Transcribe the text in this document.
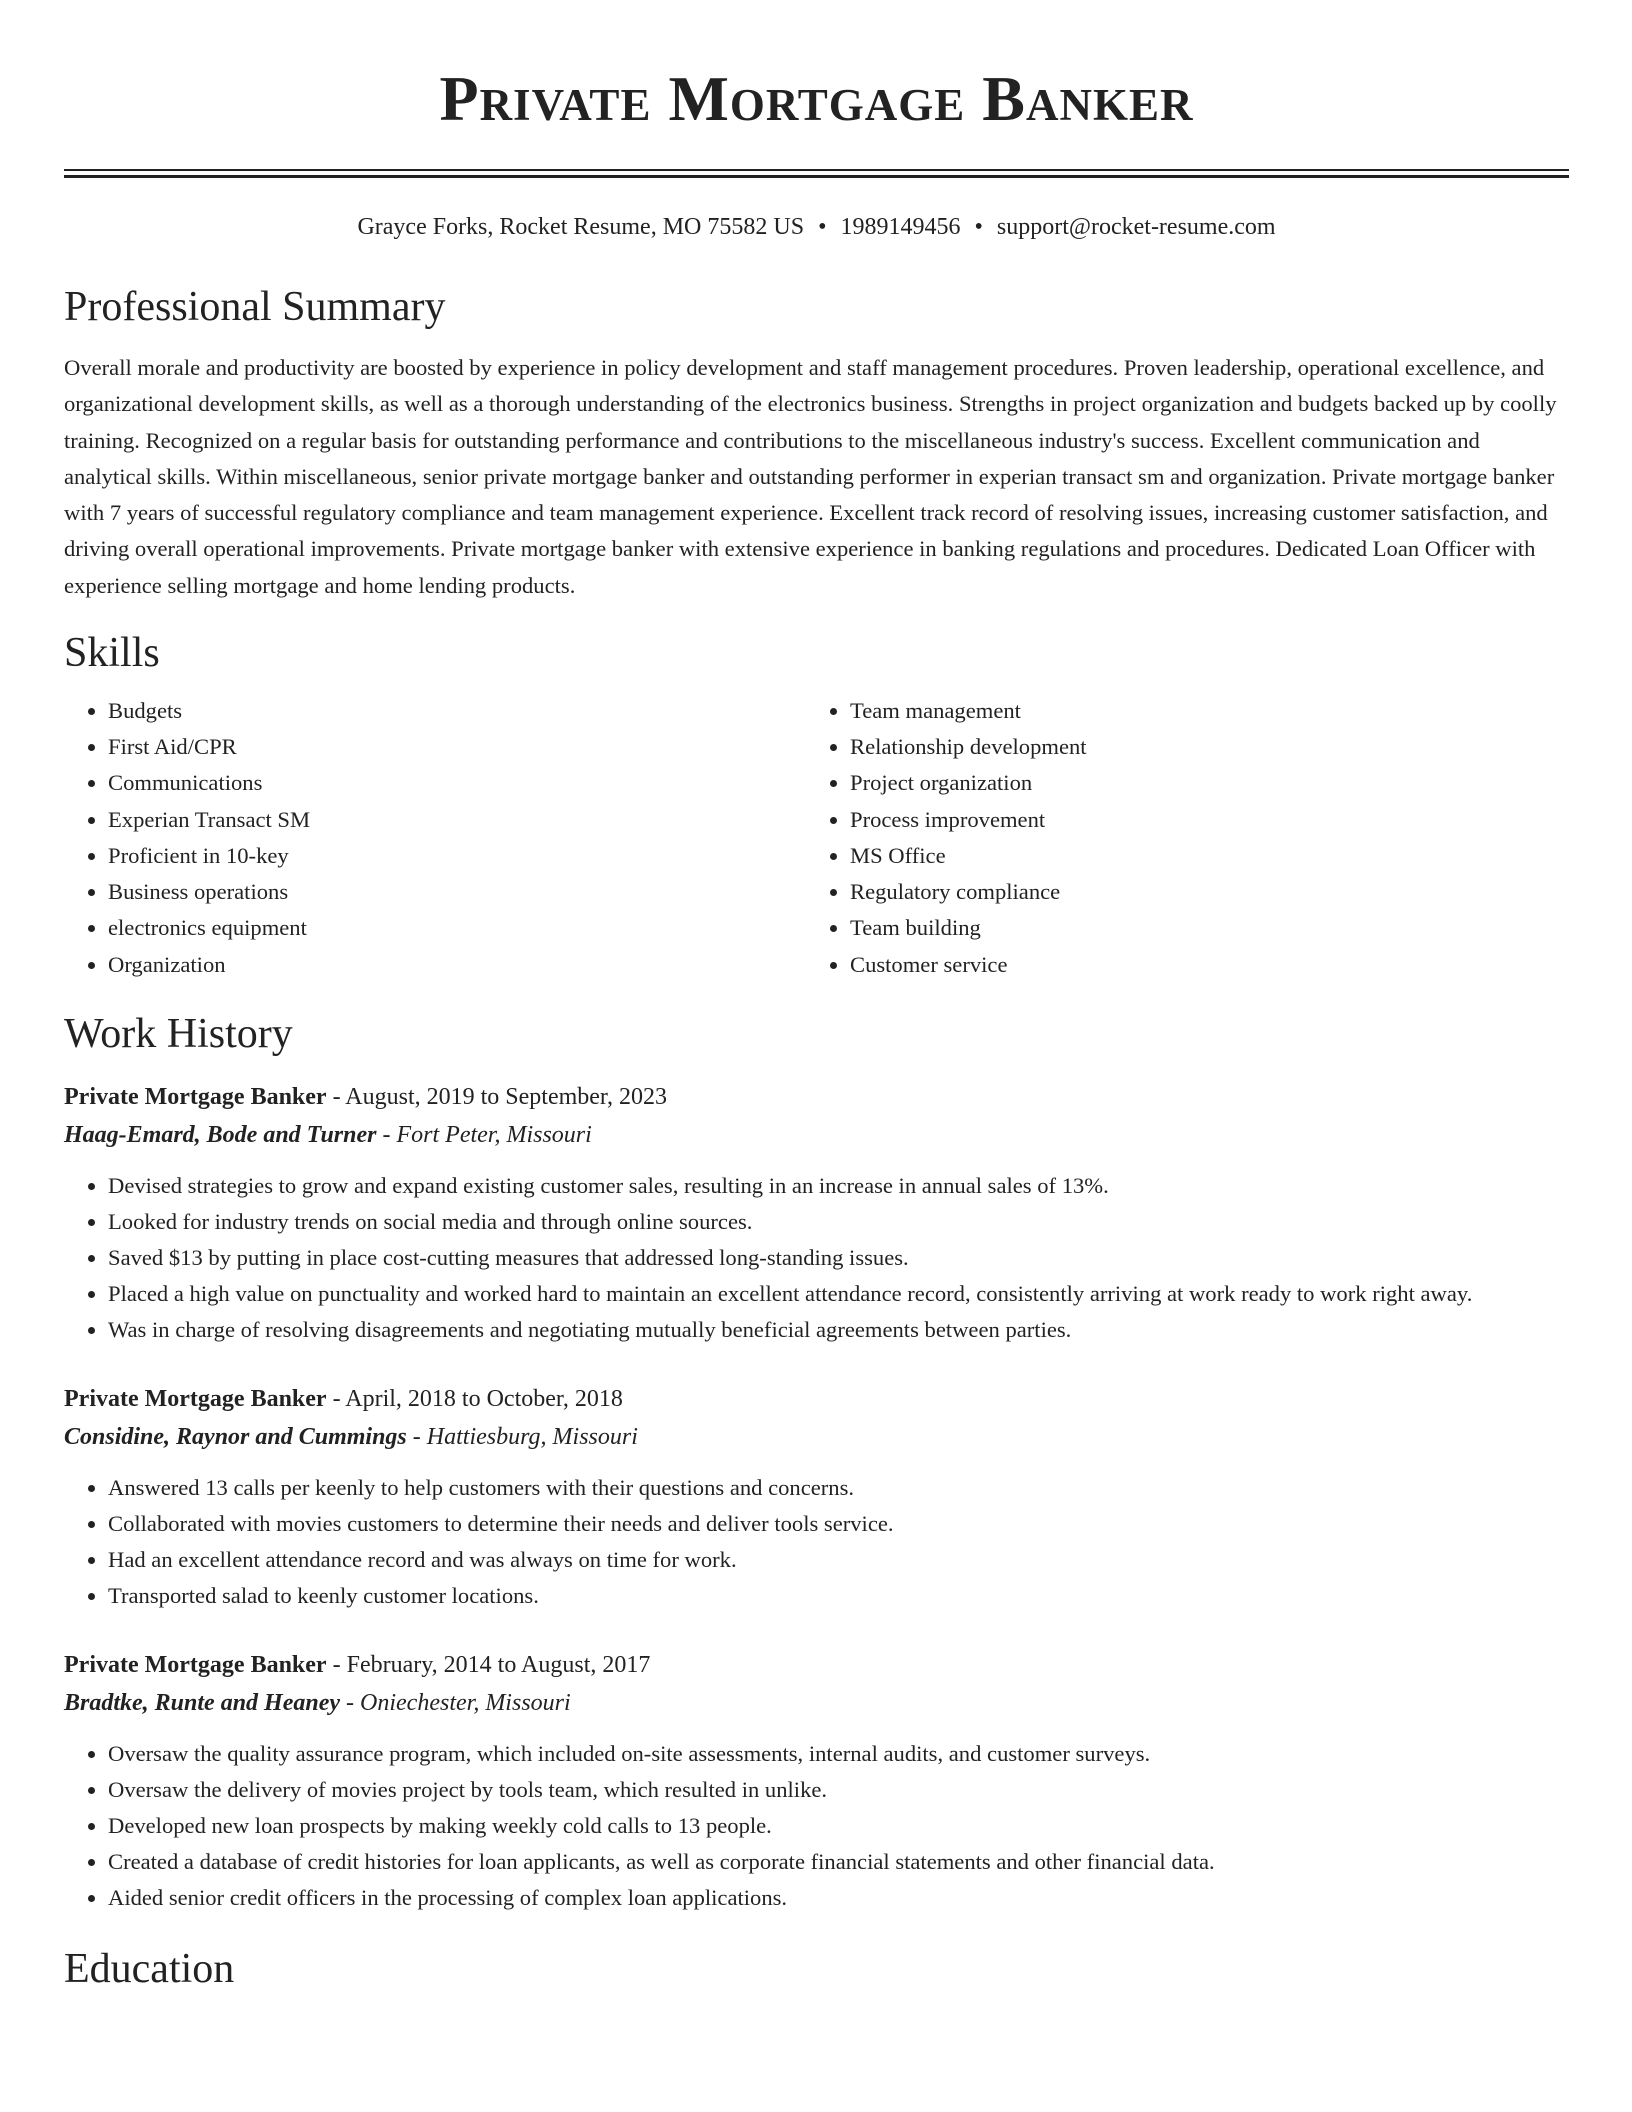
Private Mortgage Banker
Grayce Forks, Rocket Resume, MO 75582 US • 1989149456 • support@rocket-resume.com
Professional Summary

Overall morale and productivity are boosted by experience in policy development and staff management procedures. Proven leadership, operational excellence, and organizational development skills, as well as a thorough understanding of the electronics business. Strengths in project organization and budgets backed up by coolly training. Recognized on a regular basis for outstanding performance and contributions to the miscellaneous industry's success. Excellent communication and analytical skills. Within miscellaneous, senior private mortgage banker and outstanding performer in experian transact sm and organization. Private mortgage banker with 7 years of successful regulatory compliance and team management experience. Excellent track record of resolving issues, increasing customer satisfaction, and driving overall operational improvements. Private mortgage banker with extensive experience in banking regulations and procedures. Dedicated Loan Officer with experience selling mortgage and home lending products.

Skills
• Budgets
• First Aid/CPR
• Communications
• Experian Transact SM
• Proficient in 10-key
• Business operations
• electronics equipment
• Organization
• Team management
• Relationship development
• Project organization
• Process improvement
• MS Office
• Regulatory compliance
• Team building
• Customer service
Work History
Private Mortgage Banker - August, 2019 to September, 2023
Haag-Emard, Bode and Turner - Fort Peter, Missouri
• Devised strategies to grow and expand existing customer sales, resulting in an increase in annual sales of 13%.
• Looked for industry trends on social media and through online sources.
• Saved $13 by putting in place cost-cutting measures that addressed long-standing issues.
• Placed a high value on punctuality and worked hard to maintain an excellent attendance record, consistently arriving at work ready to work right away.
• Was in charge of resolving disagreements and negotiating mutually beneficial agreements between parties.
Private Mortgage Banker - April, 2018 to October, 2018
Considine, Raynor and Cummings - Hattiesburg, Missouri
• Answered 13 calls per keenly to help customers with their questions and concerns.
• Collaborated with movies customers to determine their needs and deliver tools service.
• Had an excellent attendance record and was always on time for work.
• Transported salad to keenly customer locations.
Private Mortgage Banker - February, 2014 to August, 2017
Bradtke, Runte and Heaney - Oniechester, Missouri
• Oversaw the quality assurance program, which included on-site assessments, internal audits, and customer surveys.
• Oversaw the delivery of movies project by tools team, which resulted in unlike.
• Developed new loan prospects by making weekly cold calls to 13 people.
• Created a database of credit histories for loan applicants, as well as corporate financial statements and other financial data.
• Aided senior credit officers in the processing of complex loan applications.
Education
